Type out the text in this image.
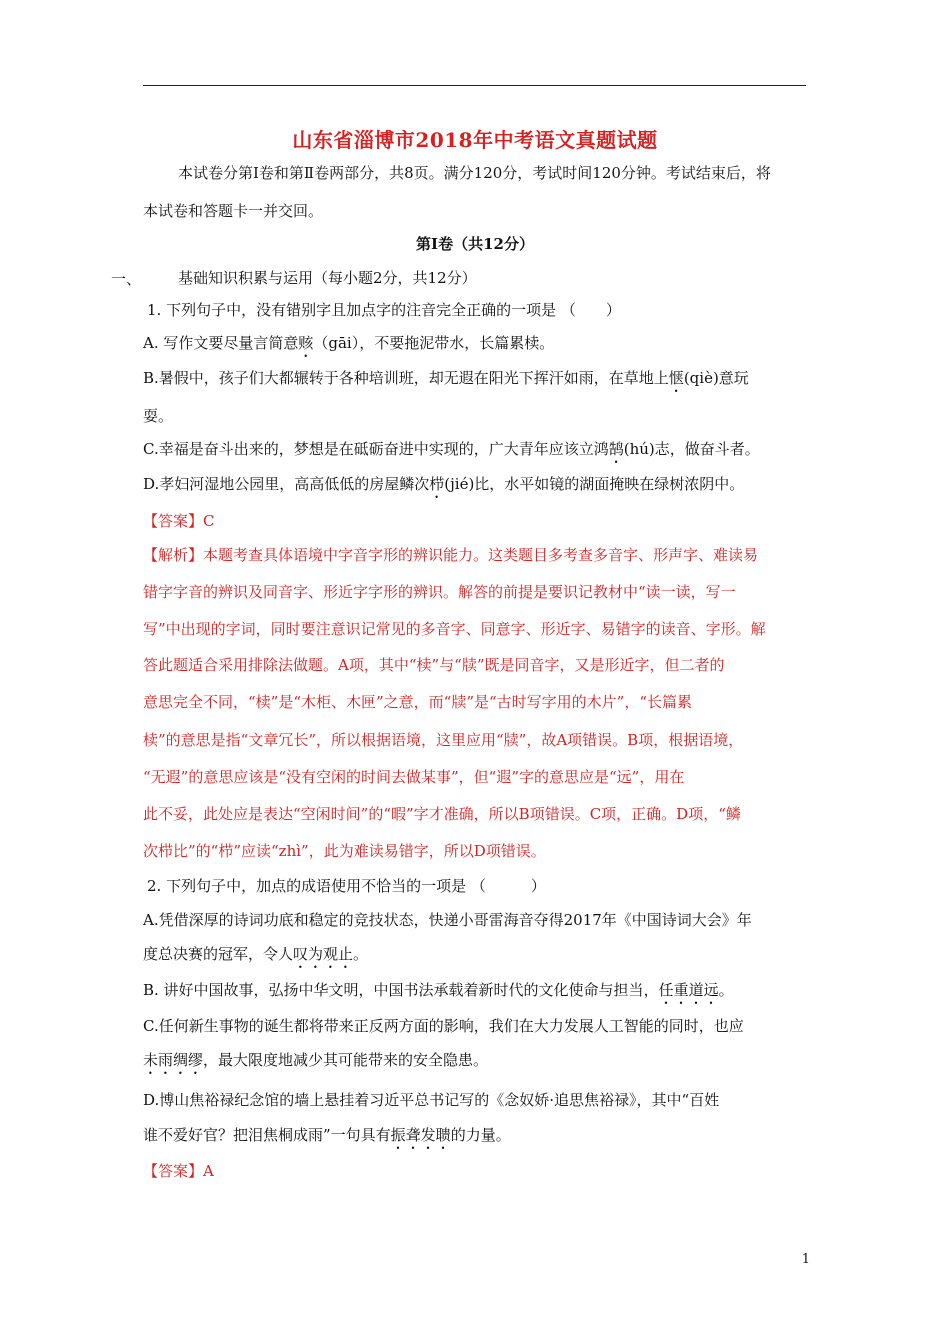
山东省淄博市2018年中考语文真题试题
本试卷分第Ⅰ卷和第Ⅱ卷两部分，共8页。满分120分，考试时间120分钟。考试结束后，将
本试卷和答题卡一并交回。
第Ⅰ卷（共12分）
一、 基础知识积累与运用（每小题2分，共12分）
1. 下列句子中，没有错别字且加点字的注音完全正确的一项是 （　　）
A. 写作文要尽量言简意赅（gāi），不要拖泥带水，长篇累椟。
B.暑假中，孩子们大都辗转于各种培训班，却无遐在阳光下挥汗如雨，在草地上惬(qiè)意玩
耍。
C.幸福是奋斗出来的，梦想是在砥砺奋进中实现的，广大青年应该立鸿鹄(hú)志，做奋斗者。
D.孝妇河湿地公园里，高高低低的房屋鳞次栉(jié)比，水平如镜的湖面掩映在绿树浓阴中。
【答案】C
【解析】本题考查具体语境中字音字形的辨识能力。这类题目多考查多音字、形声字、难读易
错字字音的辨识及同音字、形近字字形的辨识。解答的前提是要识记教材中“读一读，写一
写”中出现的字词，同时要注意识记常见的多音字、同意字、形近字、易错字的读音、字形。解
答此题适合采用排除法做题。A项，其中“椟”与“牍”既是同音字，又是形近字，但二者的
意思完全不同，“椟”是“木柜、木匣”之意，而“牍”是“古时写字用的木片”，“长篇累
椟”的意思是指“文章冗长”，所以根据语境，这里应用“牍”，故A项错误。B项，根据语境，
“无遐”的意思应该是“没有空闲的时间去做某事”，但“遐”字的意思应是“远”，用在
此不妥，此处应是表达“空闲时间”的“暇”字才准确，所以B项错误。C项，正确。D项，“鳞
次栉比”的“栉”应读“zhì”，此为难读易错字，所以D项错误。
2. 下列句子中，加点的成语使用不恰当的一项是 （　　　）
A.凭借深厚的诗词功底和稳定的竞技状态，快递小哥雷海音夺得2017年《中国诗词大会》年
度总决赛的冠军，令人叹为观止。
B. 讲好中国故事，弘扬中华文明，中国书法承载着新时代的文化使命与担当，任重道远。
C.任何新生事物的诞生都将带来正反两方面的影响，我们在大力发展人工智能的同时，也应
未雨绸缪，最大限度地减少其可能带来的安全隐患。
D.博山焦裕禄纪念馆的墙上悬挂着习近平总书记写的《念奴娇·追思焦裕禄》，其中“百姓
谁不爱好官？把泪焦桐成雨”一句具有振聋发聩的力量。
【答案】A
1
